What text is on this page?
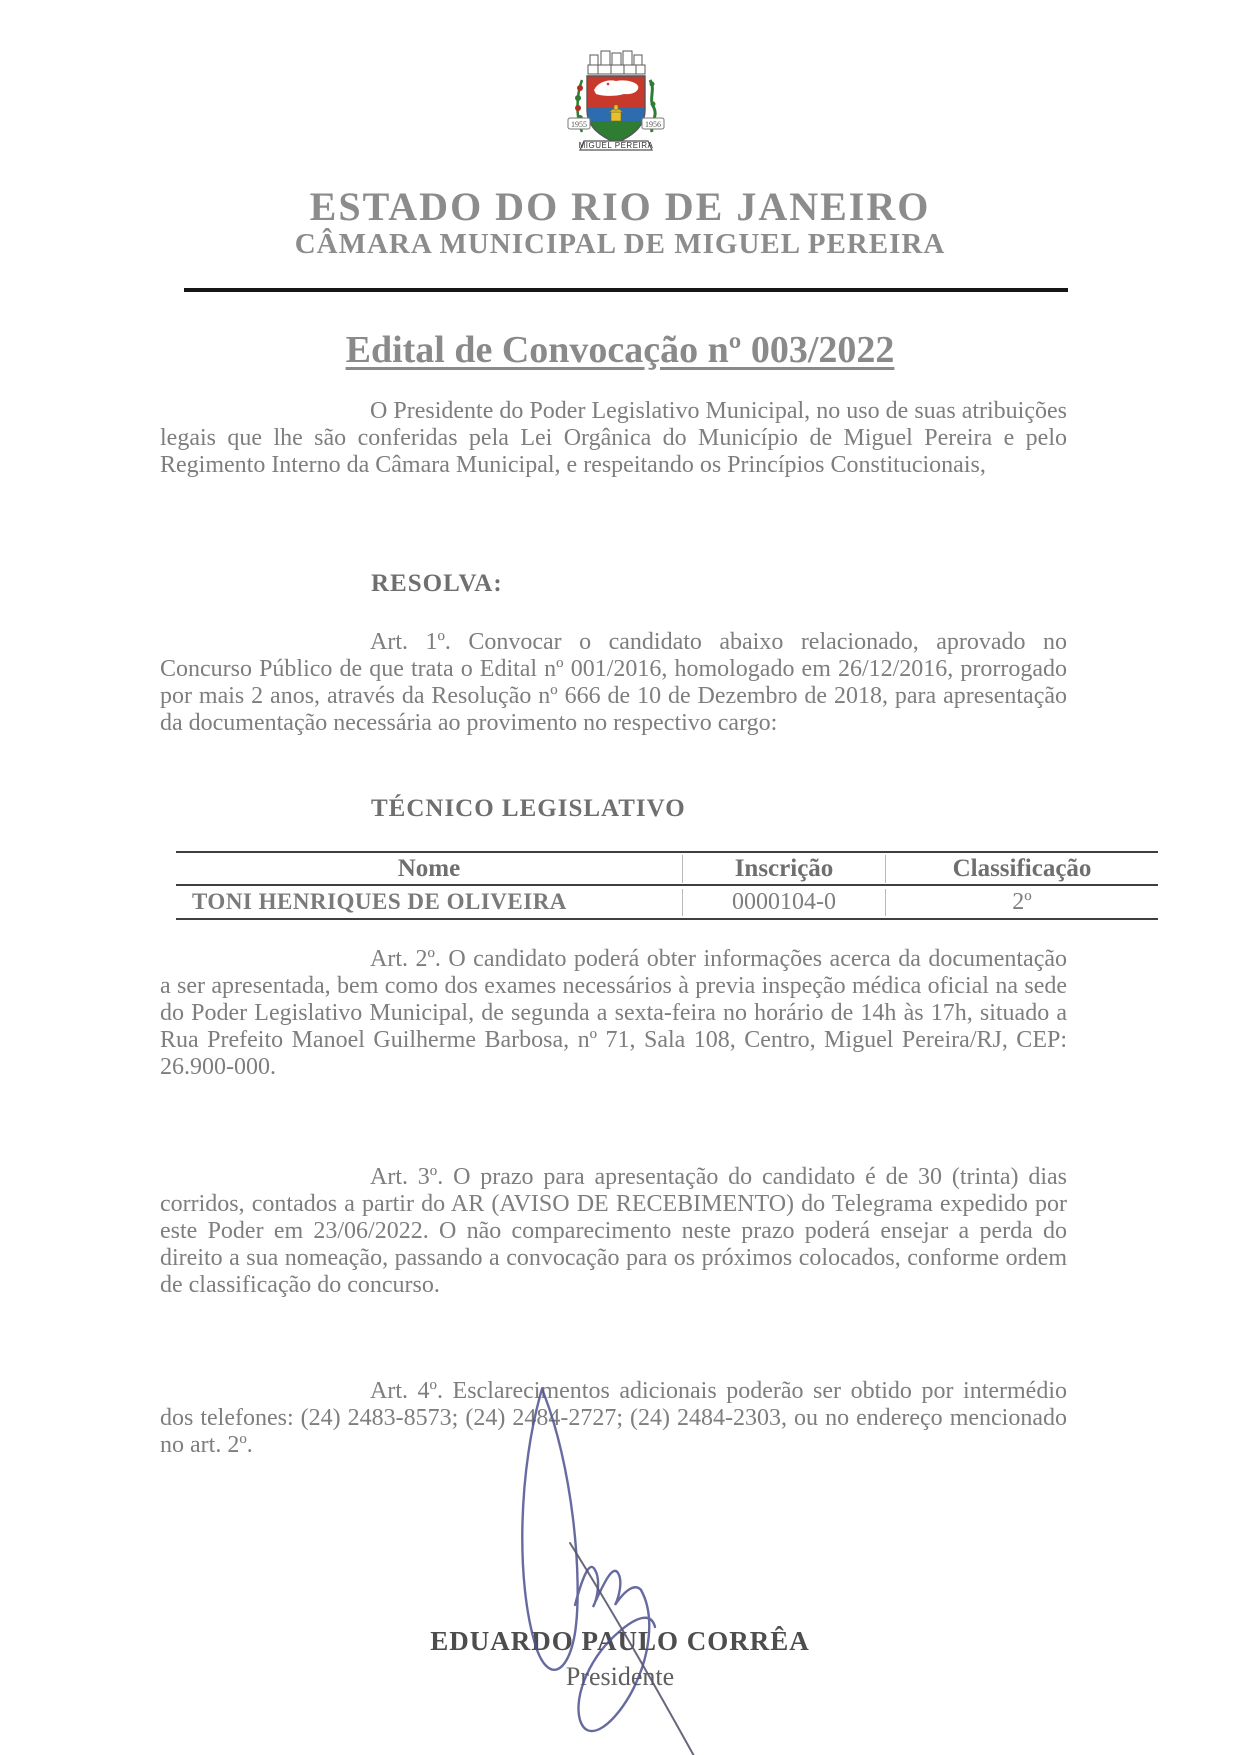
1955	1956
MIGUEL PEREIRA
ESTADO DO RIO DE JANEIRO
CÂMARA MUNICIPAL DE MIGUEL PEREIRA
Edital de Convocação nº 003/2022
O Presidente do Poder Legislativo Municipal, no uso de suas atribuições legais que lhe são conferidas pela Lei Orgânica do Município de Miguel Pereira e pelo Regimento Interno da Câmara Municipal, e respeitando os Princípios Constitucionais,
RESOLVA:
Art. 1º. Convocar o candidato abaixo relacionado, aprovado no Concurso Público de que trata o Edital nº 001/2016, homologado em 26/12/2016, prorrogado por mais 2 anos, através da Resolução nº 666 de 10 de Dezembro de 2018, para apresentação da documentação necessária ao provimento no respectivo cargo:
TÉCNICO LEGISLATIVO
Nome	Inscrição	Classificação
TONI HENRIQUES DE OLIVEIRA	0000104-0	2º
Art. 2º. O candidato poderá obter informações acerca da documentação a ser apresentada, bem como dos exames necessários à previa inspeção médica oficial na sede do Poder Legislativo Municipal, de segunda a sexta-feira no horário de 14h às 17h, situado a Rua Prefeito Manoel Guilherme Barbosa, nº 71, Sala 108, Centro, Miguel Pereira/RJ, CEP: 26.900-000.
Art. 3º. O prazo para apresentação do candidato é de 30 (trinta) dias corridos, contados a partir do AR (AVISO DE RECEBIMENTO) do Telegrama expedido por este Poder em 23/06/2022. O não comparecimento neste prazo poderá ensejar a perda do direito a sua nomeação, passando a convocação para os próximos colocados, conforme ordem de classificação do concurso.
Art. 4º. Esclarecimentos adicionais poderão ser obtido por intermédio dos telefones: (24) 2483-8573; (24) 2484-2727; (24) 2484-2303, ou no endereço mencionado no art. 2º.
EDUARDO PAULO CORRÊA
Presidente
